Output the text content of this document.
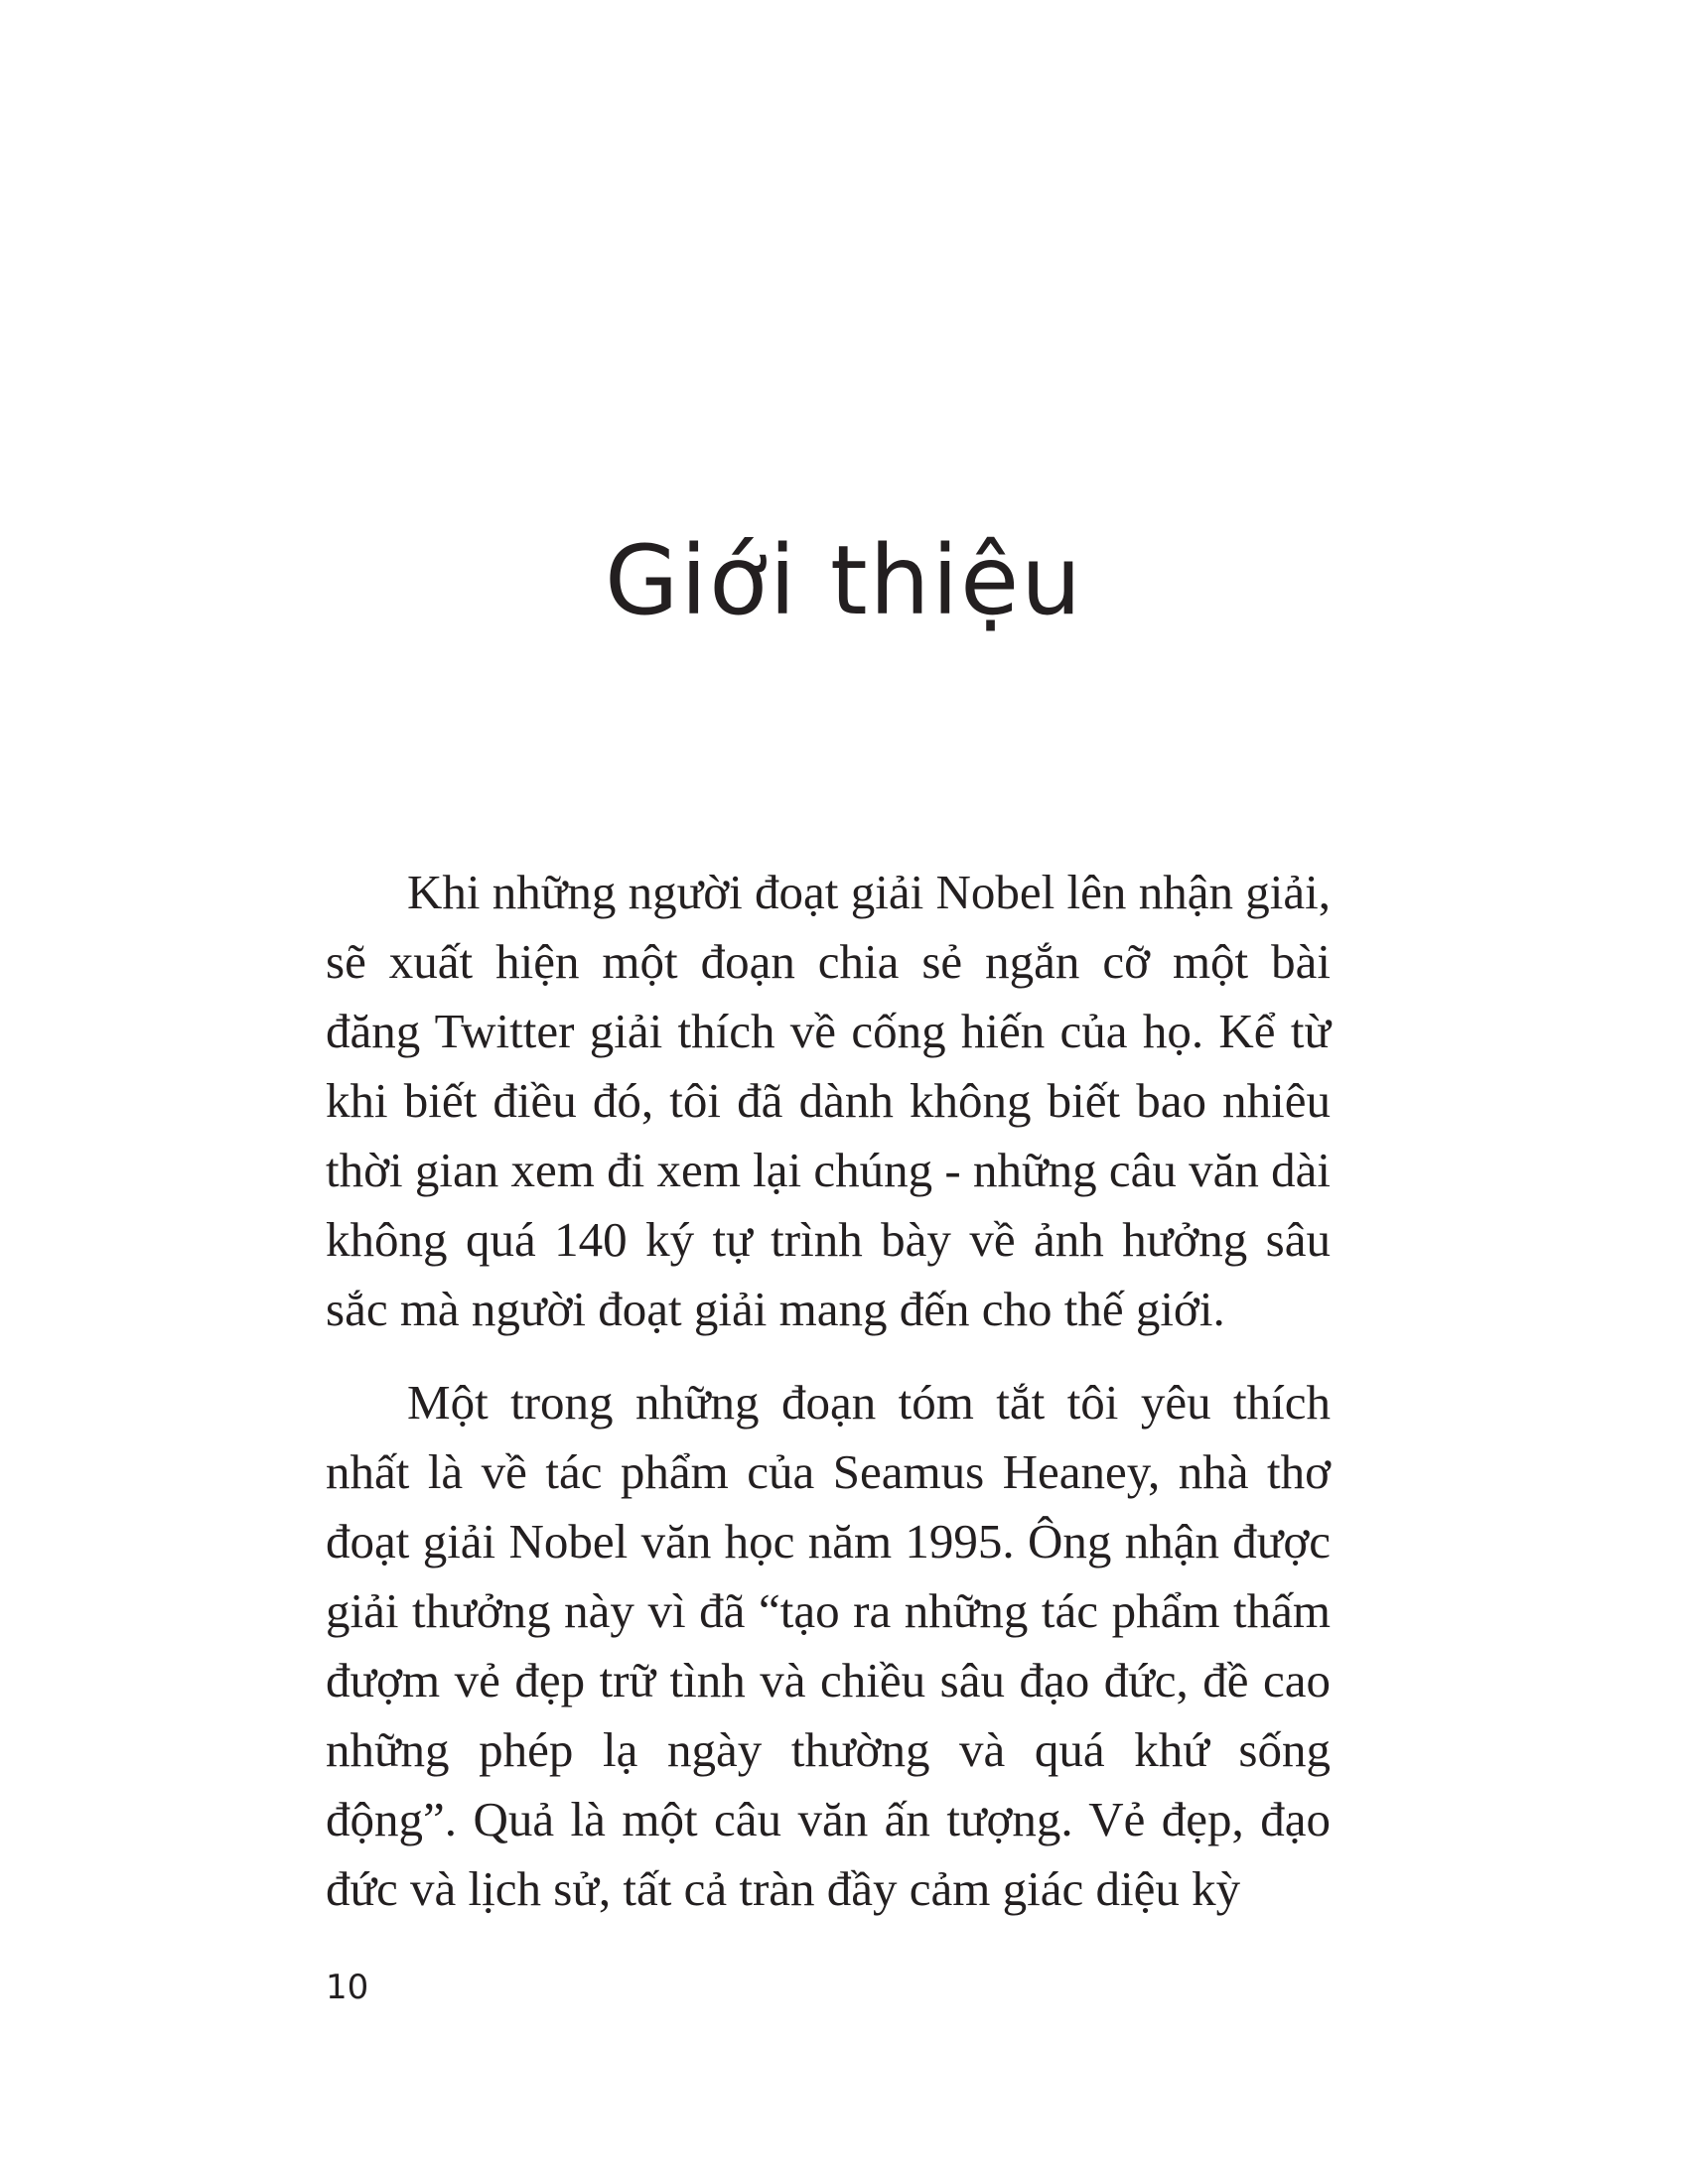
Giới thiệu

Khi những người đoạt giải Nobel lên nhận giải, sẽ xuất hiện một đoạn chia sẻ ngắn cỡ một bài đăng Twitter giải thích về cống hiến của họ. Kể từ khi biết điều đó, tôi đã dành không biết bao nhiêu thời gian xem đi xem lại chúng - những câu văn dài không quá 140 ký tự trình bày về ảnh hưởng sâu sắc mà người đoạt giải mang đến cho thế giới.

Một trong những đoạn tóm tắt tôi yêu thích nhất là về tác phẩm của Seamus Heaney, nhà thơ đoạt giải Nobel văn học năm 1995. Ông nhận được giải thưởng này vì đã “tạo ra những tác phẩm thấm đượm vẻ đẹp trữ tình và chiều sâu đạo đức, đề cao những phép lạ ngày thường và quá khứ sống động”. Quả là một câu văn ấn tượng. Vẻ đẹp, đạo đức và lịch sử, tất cả tràn đầy cảm giác diệu kỳ

10
